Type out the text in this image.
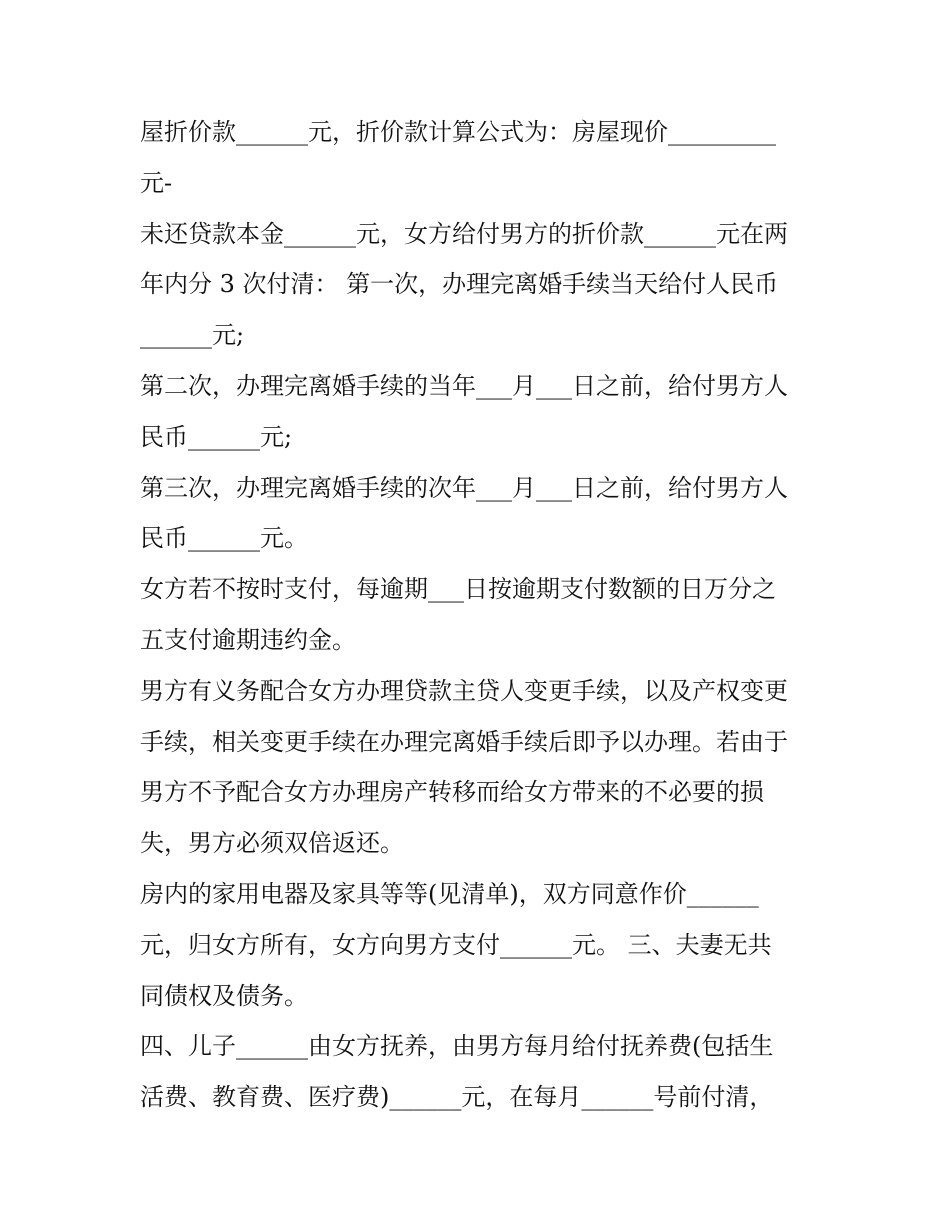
屋折价款______元，折价款计算公式为：房屋现价_________
元-
未还贷款本金______元，女方给付男方的折价款______元在两
年内分 3 次付清： 第一次，办理完离婚手续当天给付人民币
______元;
第二次，办理完离婚手续的当年___月___日之前，给付男方人
民币______元;
第三次，办理完离婚手续的次年___月___日之前，给付男方人
民币______元。
女方若不按时支付，每逾期___日按逾期支付数额的日万分之
五支付逾期违约金。
男方有义务配合女方办理贷款主贷人变更手续，以及产权变更
手续，相关变更手续在办理完离婚手续后即予以办理。若由于
男方不予配合女方办理房产转移而给女方带来的不必要的损
失，男方必须双倍返还。
房内的家用电器及家具等等(见清单)，双方同意作价______
元，归女方所有，女方向男方支付______元。 三、夫妻无共
同债权及债务。
四、儿子______由女方抚养，由男方每月给付抚养费(包括生
活费、教育费、医疗费)______元，在每月______号前付清，
